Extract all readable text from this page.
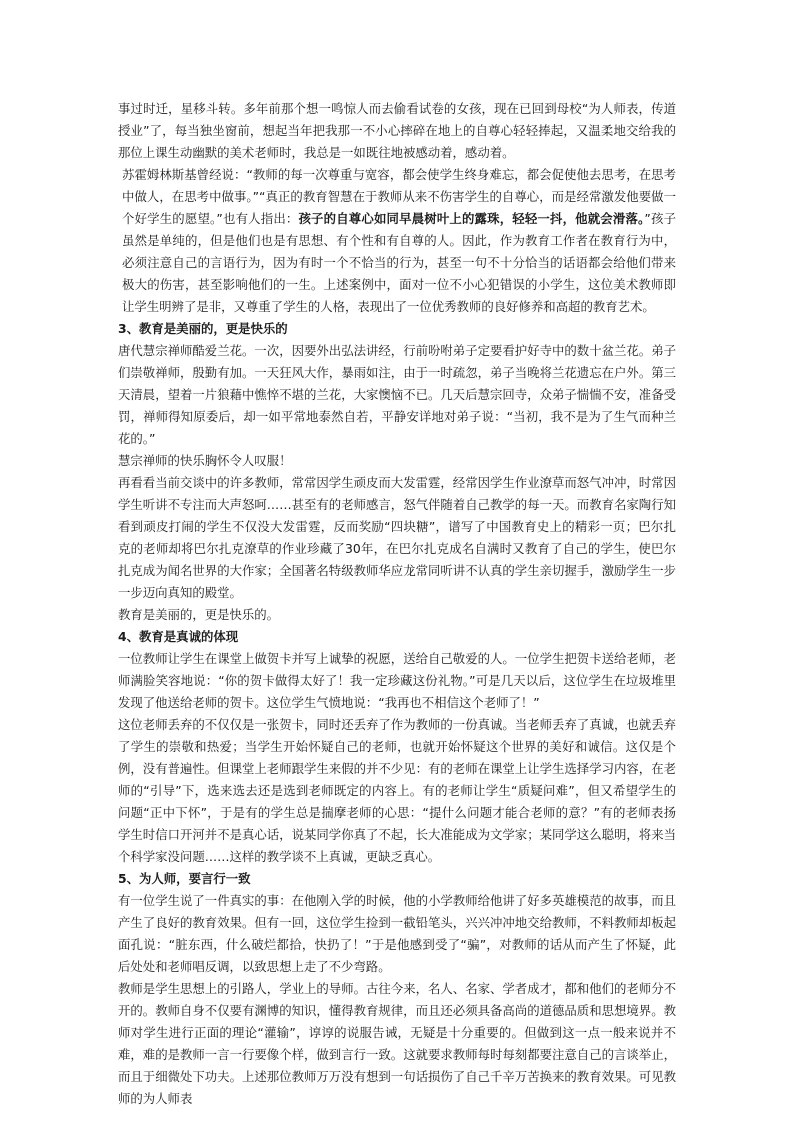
事过时迁，星移斗转。多年前那个想一鸣惊人而去偷看试卷的女孩，现在已回到母校“为人师表，传道授业”了，每当独坐窗前，想起当年把我那一不小心摔碎在地上的自尊心轻轻捧起，又温柔地交给我的那位上课生动幽默的美术老师时，我总是一如既往地被感动着，感动着。

苏霍姆林斯基曾经说：“教师的每一次尊重与宽容，都会使学生终身难忘，都会促使他去思考，在思考中做人，在思考中做事。”“真正的教育智慧在于教师从来不伤害学生的自尊心，而是经常激发他要做一个好学生的愿望。”也有人指出：孩子的自尊心如同早晨树叶上的露珠，轻轻一抖，他就会滑落。”孩子虽然是单纯的，但是他们也是有思想、有个性和有自尊的人。因此，作为教育工作者在教育行为中，必须注意自己的言语行为，因为有时一个不恰当的行为，甚至一句不十分恰当的话语都会给他们带来极大的伤害，甚至影响他们的一生。上述案例中，面对一位不小心犯错误的小学生，这位美术教师即让学生明辨了是非，又尊重了学生的人格，表现出了一位优秀教师的良好修养和高超的教育艺术。

3、教育是美丽的，更是快乐的

唐代慧宗禅师酷爱兰花。一次，因要外出弘法讲经，行前吩咐弟子定要看护好寺中的数十盆兰花。弟子们崇敬禅师，殷勤有加。一天狂风大作，暴雨如注，由于一时疏忽，弟子当晚将兰花遗忘在户外。第三天清晨，望着一片狼藉中憔悴不堪的兰花，大家懊恼不已。几天后慧宗回寺，众弟子惴惴不安，准备受罚，禅师得知原委后，却一如平常地泰然自若，平静安详地对弟子说：“当初，我不是为了生气而种兰花的。”

慧宗禅师的快乐胸怀令人叹服！

再看看当前交谈中的许多教师，常常因学生顽皮而大发雷霆，经常因学生作业潦草而怒气冲冲，时常因学生听讲不专注而大声怒呵……甚至有的老师感言，怒气伴随着自己教学的每一天。而教育名家陶行知看到顽皮打闹的学生不仅没大发雷霆，反而奖励“四块糖”，谱写了中国教育史上的精彩一页；巴尔扎克的老师却将巴尔扎克潦草的作业珍藏了30年，在巴尔扎克成名自满时又教育了自己的学生，使巴尔扎克成为闻名世界的大作家；全国著名特级教师华应龙常同听讲不认真的学生亲切握手，激励学生一步一步迈向真知的殿堂。

教育是美丽的，更是快乐的。

4、教育是真诚的体现

一位教师让学生在课堂上做贺卡并写上诚挚的祝愿，送给自己敬爱的人。一位学生把贺卡送给老师，老师满脸笑容地说：“你的贺卡做得太好了！我一定珍藏这份礼物。”可是几天以后，这位学生在垃圾堆里发现了他送给老师的贺卡。这位学生气愤地说：“我再也不相信这个老师了！”

这位老师丢弃的不仅仅是一张贺卡，同时还丢弃了作为教师的一份真诚。当老师丢弃了真诚，也就丢弃了学生的崇敬和热爱；当学生开始怀疑自己的老师，也就开始怀疑这个世界的美好和诚信。这仅是个例，没有普遍性。但课堂上老师跟学生来假的并不少见：有的老师在课堂上让学生选择学习内容，在老师的“引导”下，选来选去还是选到老师既定的内容上。有的老师让学生“质疑问难”，但又希望学生的问题“正中下怀”，于是有的学生总是揣摩老师的心思：“提什么问题才能合老师的意？”有的老师表扬学生时信口开河并不是真心话，说某同学你真了不起，长大准能成为文学家；某同学这么聪明，将来当个科学家没问题……这样的教学谈不上真诚，更缺乏真心。

5、为人师，要言行一致

有一位学生说了一件真实的事：在他刚入学的时候，他的小学教师给他讲了好多英雄模范的故事，而且产生了良好的教育效果。但有一回，这位学生捡到一截铅笔头，兴兴冲冲地交给教师，不料教师却板起面孔说：“脏东西，什么破烂都拾，快扔了！”于是他感到受了“骗”，对教师的话从而产生了怀疑，此后处处和老师唱反调，以致思想上走了不少弯路。

教师是学生思想上的引路人，学业上的导师。古往今来，名人、名家、学者成才，都和他们的老师分不开的。教师自身不仅要有渊博的知识，懂得教育规律，而且还必须具备高尚的道德品质和思想境界。教师对学生进行正面的理论“灌输”，谆谆的说服告诫，无疑是十分重要的。但做到这一点一般来说并不难，难的是教师一言一行要像个样，做到言行一致。这就要求教师每时每刻都要注意自己的言谈举止，而且于细微处下功夫。上述那位教师万万没有想到一句话损伤了自己千辛万苦换来的教育效果。可见教师的为人师表
